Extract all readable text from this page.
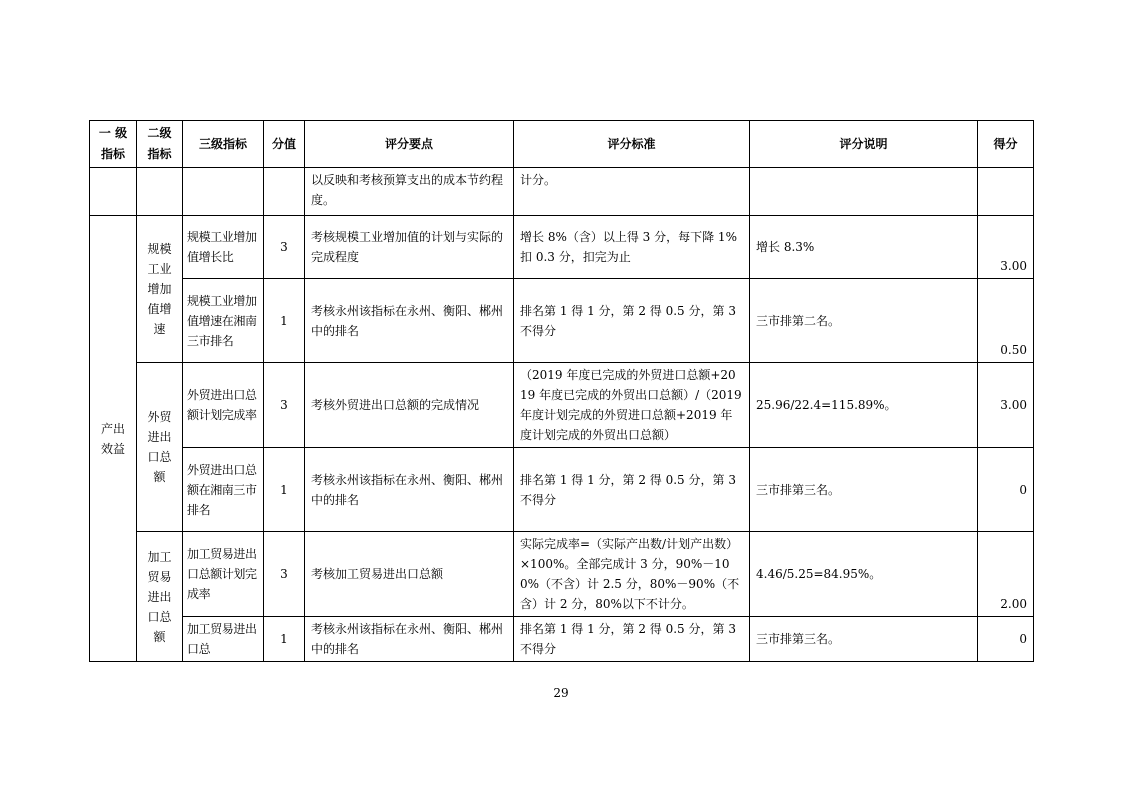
一 级指标	二级指标	三级指标	分值	评分要点	评分标准	评分说明	得分
				以反映和考核预算支出的成本节约程度。	计分。		
产出效益	规模工业增加值增速	规模工业增加值增长比	3	考核规模工业增加值的计划与实际的完成程度	增长 8%（含）以上得 3 分，每下降 1%扣 0.3 分，扣完为止	增长 8.3%	3.00
		规模工业增加值增速在湘南三市排名	1	考核永州该指标在永州、衡阳、郴州中的排名	排名第 1 得 1 分，第 2 得 0.5 分，第 3 不得分	三市排第二名。	0.50
	外贸进出口总额	外贸进出口总额计划完成率	3	考核外贸进出口总额的完成情况	（2019 年度已完成的外贸进口总额+2019 年度已完成的外贸出口总额）/（2019 年度计划完成的外贸进口总额+2019 年度计划完成的外贸出口总额）	25.96/22.4=115.89%。	3.00
		外贸进出口总额在湘南三市排名	1	考核永州该指标在永州、衡阳、郴州中的排名	排名第 1 得 1 分，第 2 得 0.5 分，第 3 不得分	三市排第三名。	0
	加工贸易进出口总额	加工贸易进出口总额计划完成率	3	考核加工贸易进出口总额	实际完成率=（实际产出数/计划产出数）×100%。全部完成计 3 分，90%－100%（不含）计 2.5 分，80%－90%（不含）计 2 分，80%以下不计分。	4.46/5.25=84.95%。	2.00
		加工贸易进出口总	1	考核永州该指标在永州、衡阳、郴州中的排名	排名第 1 得 1 分，第 2 得 0.5 分，第 3 不得分	三市排第三名。	0
29
